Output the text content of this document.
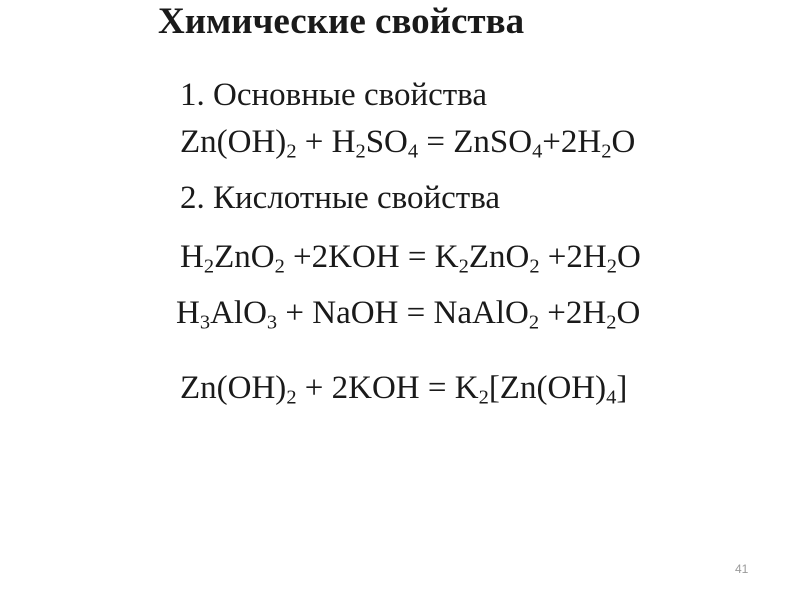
Химические свойства
1. Основные свойства
$Zn(OH)_2 + H_2SO_4$ = $ZnSO_4+2H_2O$
2. Кислотные свойства
$H_2ZnO_2 +2KOH = K_2ZnO_2 +2H_2O$
$H_3AlO_3$ + NaOH = NaAlO$_2$ $+2H_2O$
$Zn(OH)_2 + 2KOH = K_2[Zn(OH)_4]$
41
